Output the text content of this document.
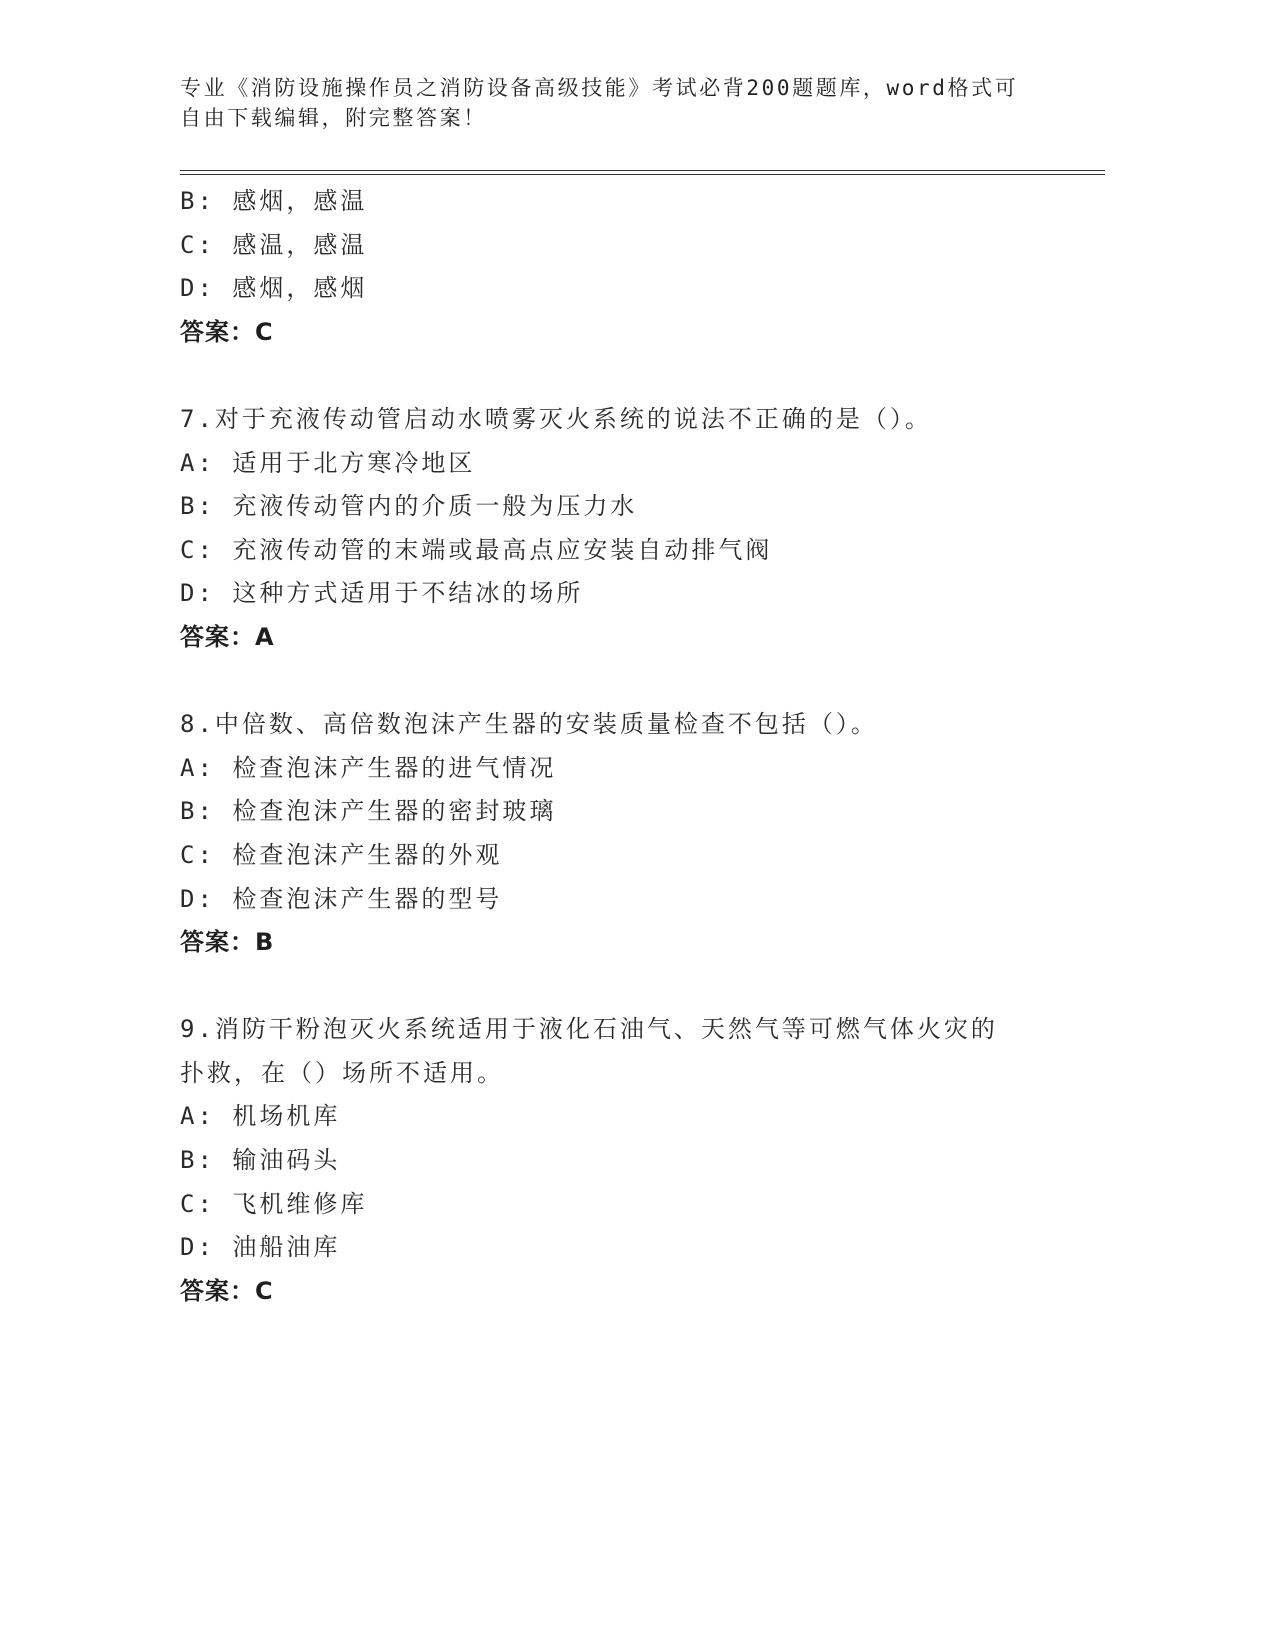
专业《消防设施操作员之消防设备高级技能》考试必背200题题库，word格式可
自由下载编辑，附完整答案！
B: 感烟，感温
C: 感温，感温
D: 感烟，感烟
答案：C
7.对于充液传动管启动水喷雾灭火系统的说法不正确的是（）。
A: 适用于北方寒冷地区
B: 充液传动管内的介质一般为压力水
C: 充液传动管的末端或最高点应安装自动排气阀
D: 这种方式适用于不结冰的场所
答案：A
8.中倍数、高倍数泡沫产生器的安装质量检查不包括（）。
A: 检查泡沫产生器的进气情况
B: 检查泡沫产生器的密封玻璃
C: 检查泡沫产生器的外观
D: 检查泡沫产生器的型号
答案：B
9.消防干粉泡灭火系统适用于液化石油气、天然气等可燃气体火灾的
扑救，在（）场所不适用。
A: 机场机库
B: 输油码头
C: 飞机维修库
D: 油船油库
答案：C
